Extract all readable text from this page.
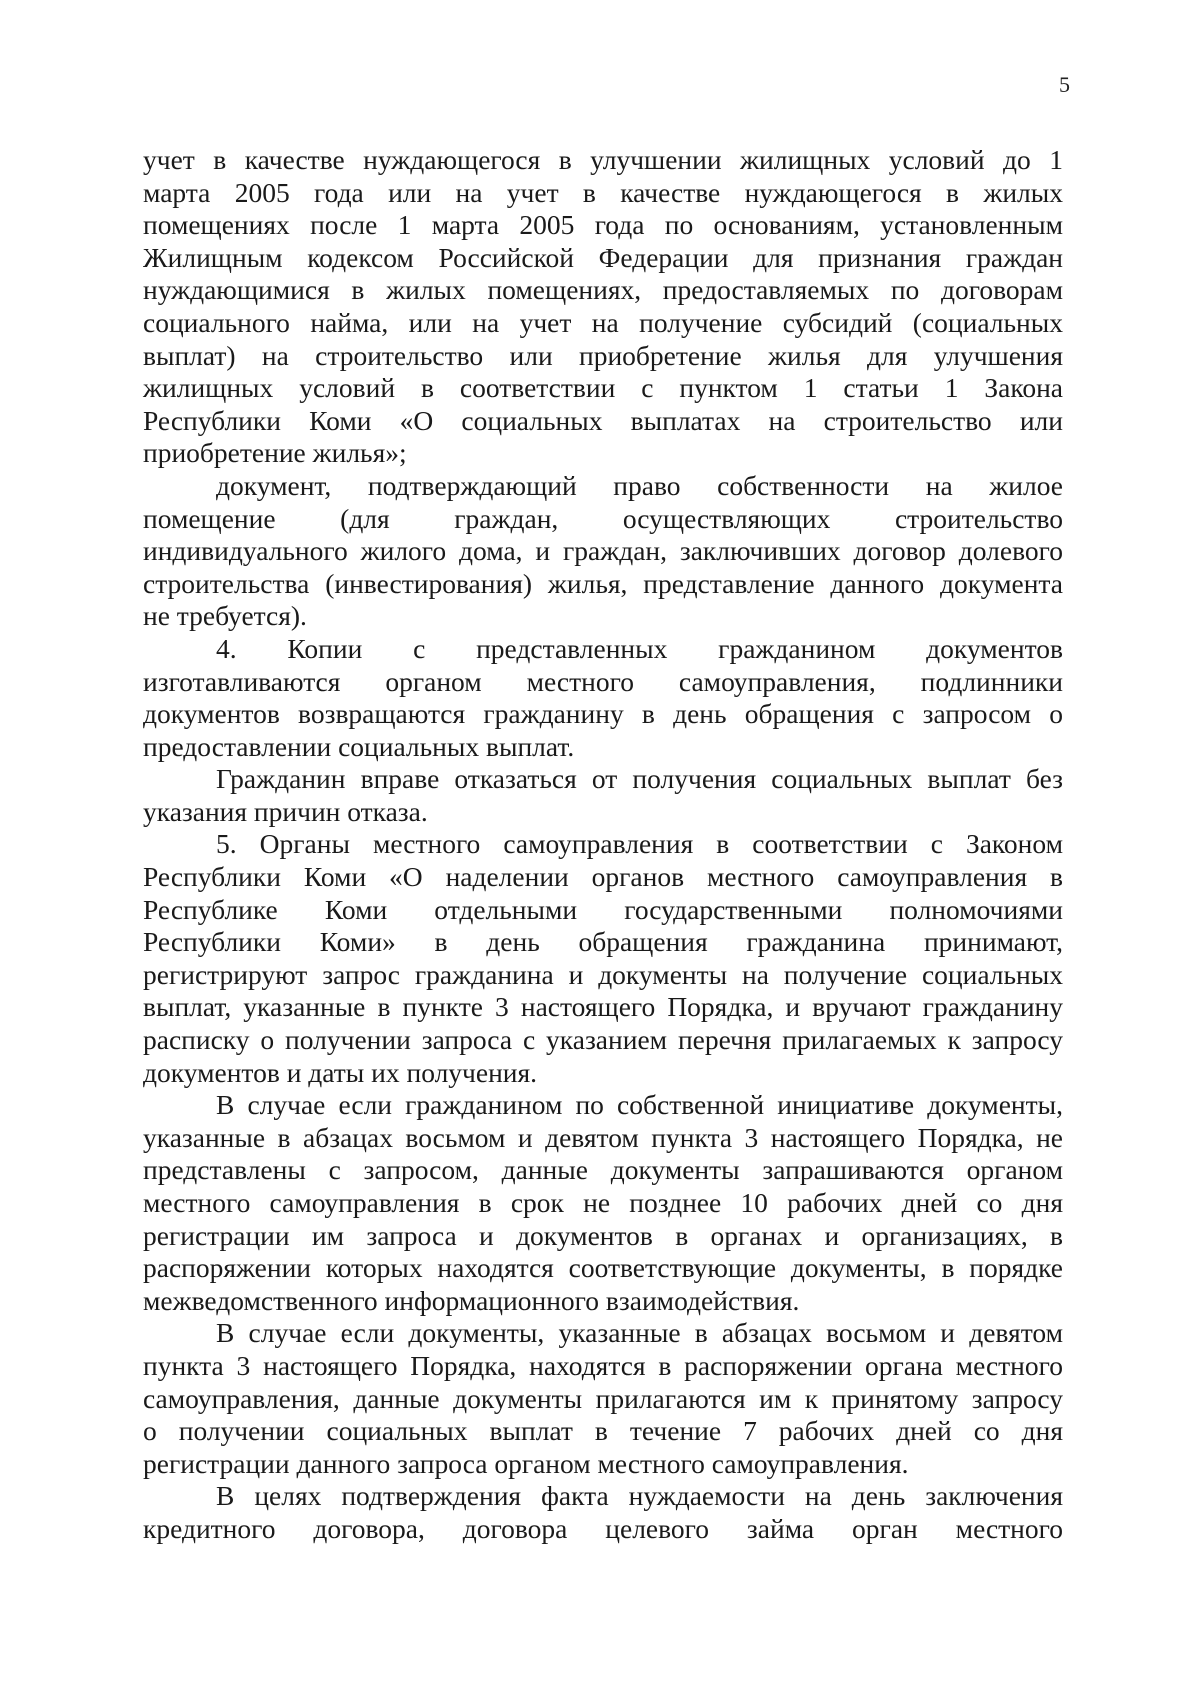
5

учет в качестве нуждающегося в улучшении жилищных условий до 1

марта 2005 года или на учет в качестве нуждающегося в жилых

помещениях после 1 марта 2005 года по основаниям, установленным

Жилищным кодексом Российской Федерации для признания граждан

нуждающимися в жилых помещениях, предоставляемых по договорам

социального найма, или на учет на получение субсидий (социальных

выплат) на строительство или приобретение жилья для улучшения

жилищных условий в соответствии с пунктом 1 статьи 1 Закона

Республики Коми «О социальных выплатах на строительство или

приобретение жилья»;

документ, подтверждающий право собственности на жилое

помещение (для граждан, осуществляющих строительство

индивидуального жилого дома, и граждан, заключивших договор долевого

строительства (инвестирования) жилья, представление данного документа

не требуется).

4. Копии с представленных гражданином документов

изготавливаются органом местного самоуправления, подлинники

документов возвращаются гражданину в день обращения с запросом о

предоставлении социальных выплат.

Гражданин вправе отказаться от получения социальных выплат без

указания причин отказа.

5. Органы местного самоуправления в соответствии с Законом

Республики Коми «О наделении органов местного самоуправления в

Республике Коми отдельными государственными полномочиями

Республики Коми» в день обращения гражданина принимают,

регистрируют запрос гражданина и документы на получение социальных

выплат, указанные в пункте 3 настоящего Порядка, и вручают гражданину

расписку о получении запроса с указанием перечня прилагаемых к запросу

документов и даты их получения.

В случае если гражданином по собственной инициативе документы,

указанные в абзацах восьмом и девятом пункта 3 настоящего Порядка, не

представлены с запросом, данные документы запрашиваются органом

местного самоуправления в срок не позднее 10 рабочих дней со дня

регистрации им запроса и документов в органах и организациях, в

распоряжении которых находятся соответствующие документы, в порядке

межведомственного информационного взаимодействия.

В случае если документы, указанные в абзацах восьмом и девятом

пункта 3 настоящего Порядка, находятся в распоряжении органа местного

самоуправления, данные документы прилагаются им к принятому запросу

о получении социальных выплат в течение 7 рабочих дней со дня

регистрации данного запроса органом местного самоуправления.

В целях подтверждения факта нуждаемости на день заключения

кредитного договора, договора целевого займа орган местного
